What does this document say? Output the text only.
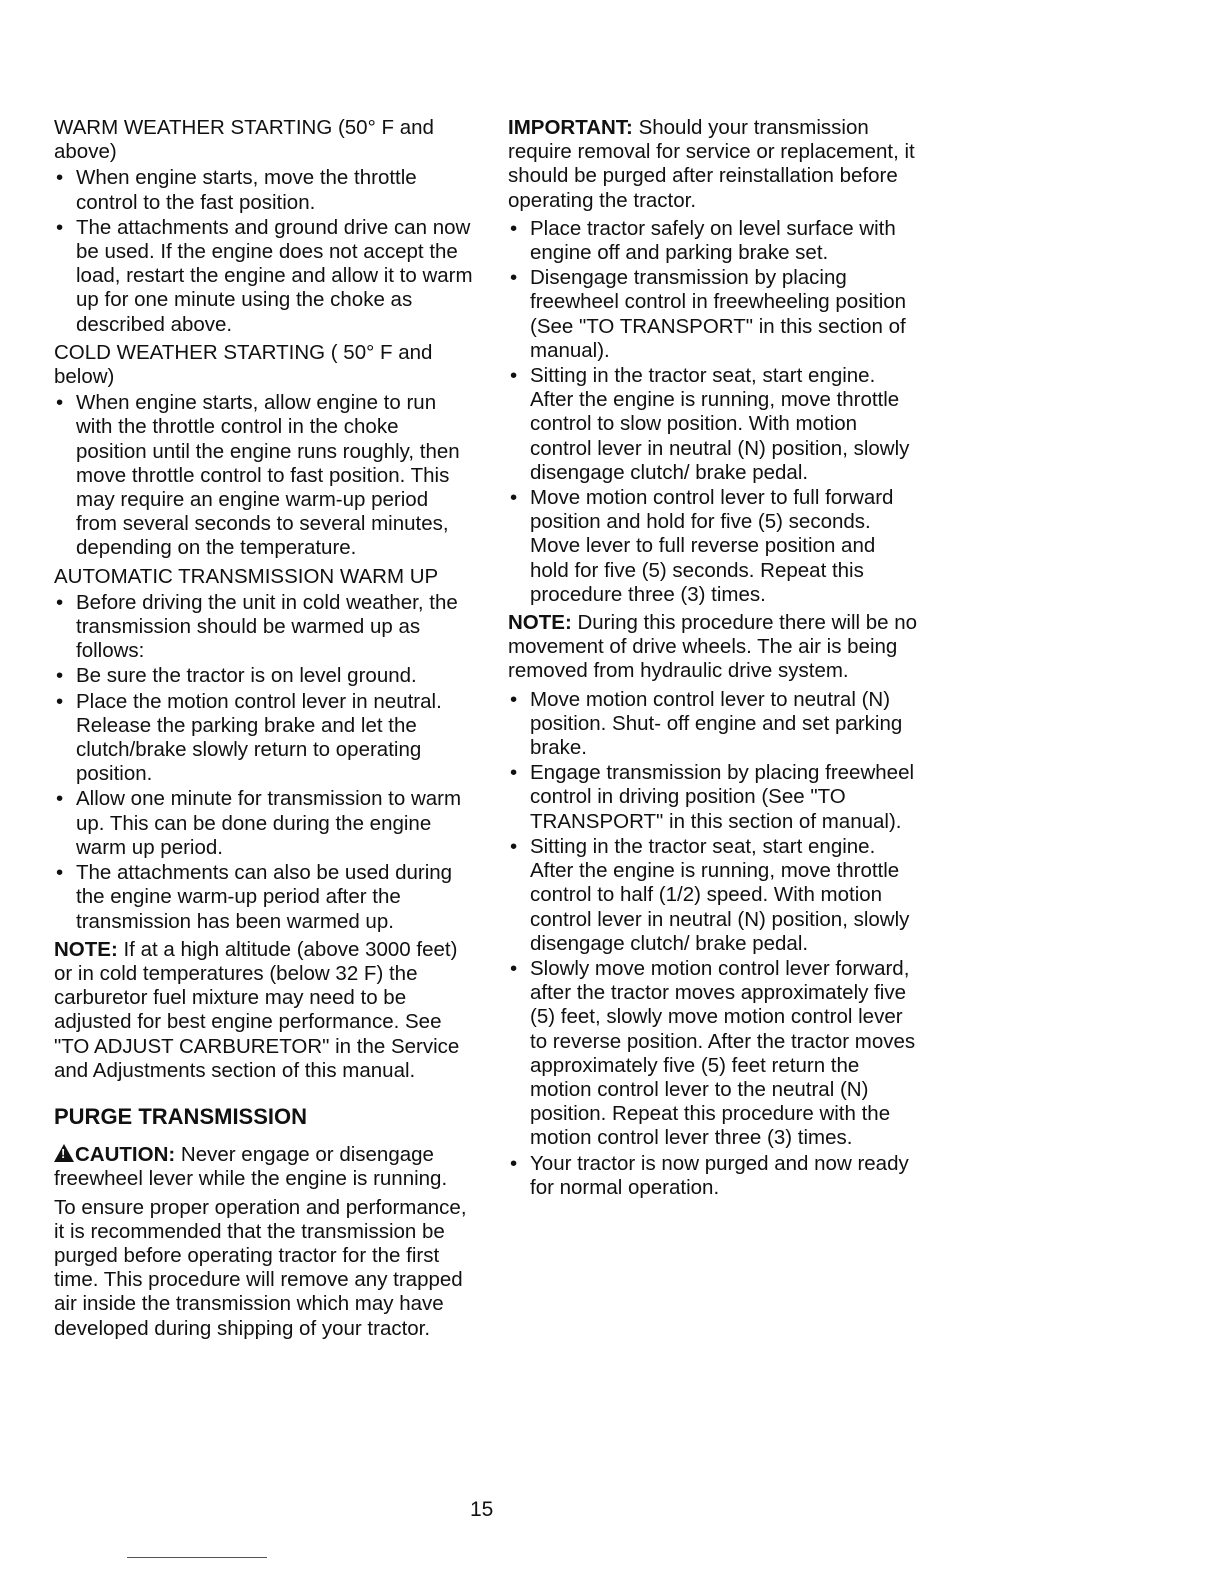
WARM WEATHER STARTING (50° F and above)

• When engine starts, move the throttle control to the fast position.
• The attachments and ground drive can now be used. If the engine does not accept the load, restart the engine and allow it to warm up for one minute using the choke as described above.

COLD WEATHER STARTING ( 50° F and below)

• When engine starts, allow engine to run with the throttle control in the choke position until the engine runs roughly, then move throttle control to fast position. This may require an engine warm-up period from several seconds to several minutes, depending on the temperature.

AUTOMATIC TRANSMISSION WARM UP

• Before driving the unit in cold weather, the transmission should be warmed up as follows:
• Be sure the tractor is on level ground.
• Place the motion control lever in neutral. Release the parking brake and let the clutch/brake slowly return to operating position.
• Allow one minute for transmission to warm up. This can be done during the engine warm up period.
• The attachments can also be used during the engine warm-up period after the transmission has been warmed up.

NOTE: If at a high altitude (above 3000 feet) or in cold temperatures (below 32 F) the carburetor fuel mixture may need to be adjusted for best engine performance. See "TO ADJUST CARBURETOR" in the Service and Adjustments section of this manual.

PURGE TRANSMISSION

!CAUTION: Never engage or disengage freewheel lever while the engine is running.

To ensure proper operation and performance, it is recommended that the transmission be purged before operating tractor for the first time. This procedure will remove any trapped air inside the transmission which may have developed during shipping of your tractor.

IMPORTANT: Should your transmission require removal for service or replacement, it should be purged after reinstallation before operating the tractor.

• Place tractor safely on level surface with engine off and parking brake set.
• Disengage transmission by placing freewheel control in freewheeling position (See "TO TRANSPORT" in this section of manual).
• Sitting in the tractor seat, start engine. After the engine is running, move throttle control to slow position. With motion control lever in neutral (N) position, slowly disengage clutch/ brake pedal.
• Move motion control lever to full forward position and hold for five (5) seconds. Move lever to full reverse position and hold for five (5) seconds. Repeat this procedure three (3) times.

NOTE: During this procedure there will be no movement of drive wheels. The air is being removed from hydraulic drive system.

• Move motion control lever to neutral (N) position. Shut- off engine and set parking brake.
• Engage transmission by placing freewheel control in driving position (See "TO TRANSPORT" in this section of manual).
• Sitting in the tractor seat, start engine. After the engine is running, move throttle control to half (1/2) speed. With motion control lever in neutral (N) position, slowly disengage clutch/ brake pedal.
• Slowly move motion control lever forward, after the tractor moves approximately five (5) feet, slowly move motion control lever to reverse position. After the tractor moves approximately five (5) feet return the motion control lever to the neutral (N) position. Repeat this procedure with the motion control lever three (3) times.
• Your tractor is now purged and now ready for normal operation.
15
